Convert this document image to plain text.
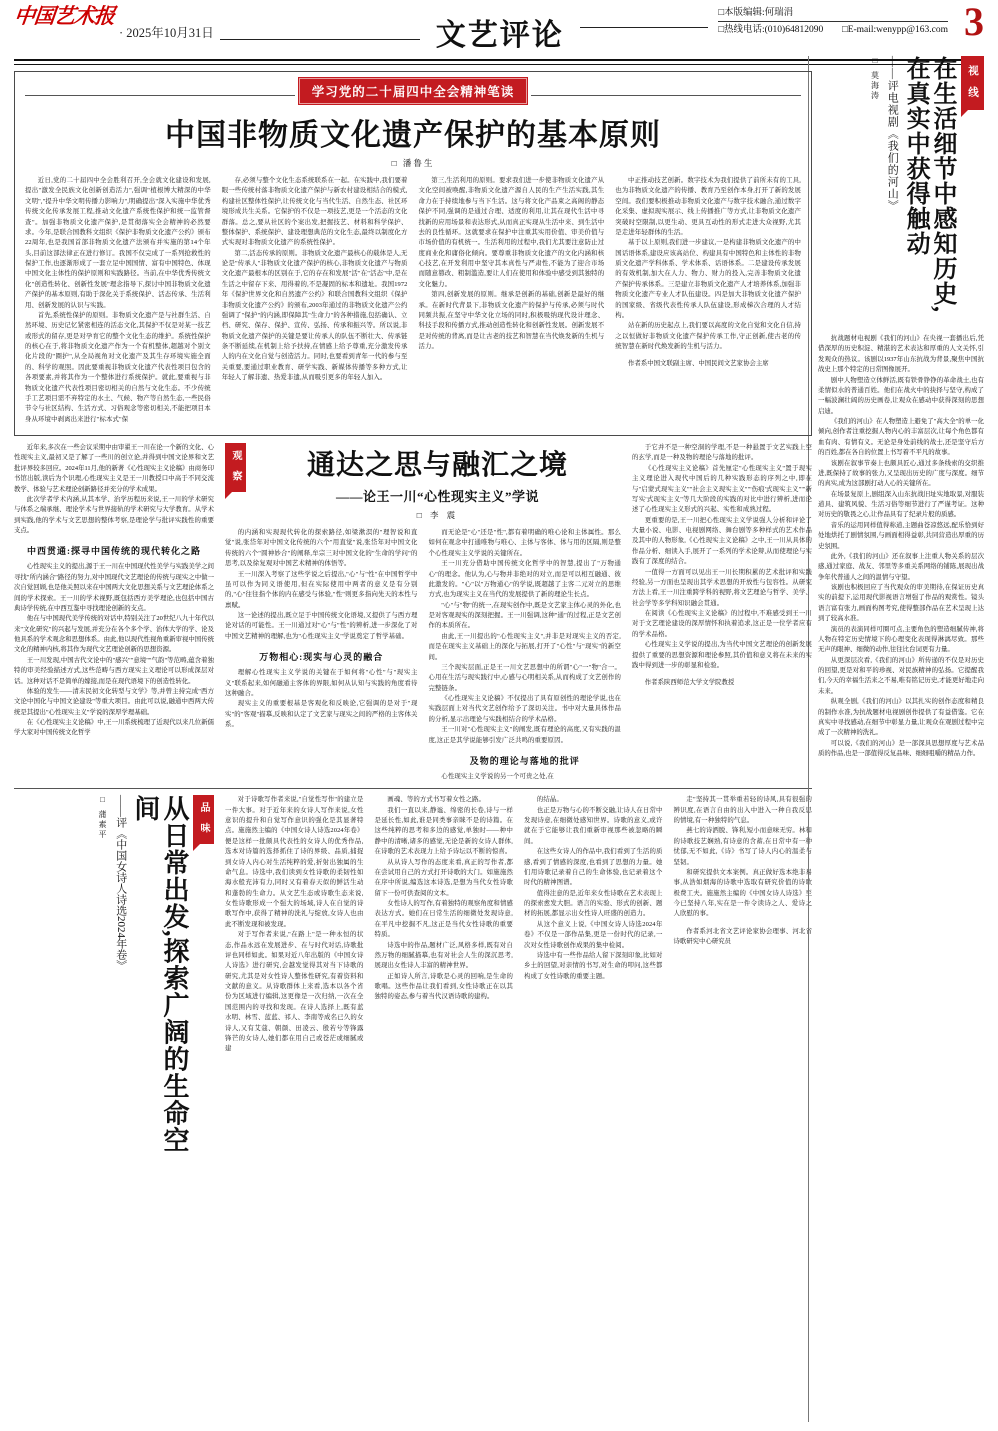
中国艺术报
· 2025年10月31日	文艺评论
□本版编辑:何瑞涓
□热线电话:(010)64812090 □E-mail:wenypp@163.com 3
视 线
在生活细节中感知历史,在真实中获得触动
——评电视剧《我们的河山》
□ 莫海涛

抗战题材电视剧《我们的河山》在央视一套播出后,凭借深厚的历史积淀、精湛的艺术表达和厚重的人文关怀,引发观众的热议。该剧以1937年山东抗战为背景,聚焦中国抗战史上那个特定的日常图像展开。

剧中人物塑造立体鲜活,既有铁骨铮铮的革命战士,也有柔情似水的普通百姓。他们在战火中的抉择与坚守,构成了一幅波澜壮阔的历史画卷,让观众在感动中获得深刻的思想启迪。

《我们的河山》在人物塑造上避免了"高大全"的单一化倾向,创作者注重挖掘人物内心的丰富层次,让每个角色都有血有肉、有情有义。无论是身处前线的战士,还是坚守后方的百姓,都在各自的位置上书写着不平凡的故事。

该剧在叙事节奏上也颇具匠心,通过多条线索的交织推进,既保持了故事的张力,又呈现出历史的广度与深度。细节的真实,成为这部剧打动人心的关键所在。

在场景复原上,剧组深入山东抗战旧址实地取景,对服装道具、建筑风貌、生活习俗等细节进行了严谨考证。这种对历史的敬畏之心,让作品具有了纪录片般的质感。

音乐的运用同样值得称道,主题曲苍凉悠远,配乐恰到好处地烘托了剧情氛围,与画面相得益彰,共同营造出厚重的历史氛围。

此外,《我们的河山》还在叙事上注重人物关系的层次感,通过家庭、战友、邻里等多重关系网络的铺陈,展现出战争年代普通人之间的温情与守望。

该剧也积极回应了当代观众的审美期待,在保证历史真实的前提下,运用现代影视语言增强了作品的观赏性。镜头语言富有张力,画面构图考究,使得整部作品在艺术呈现上达到了较高水准。

演员的表演同样可圈可点,主要角色的塑造细腻传神,将人物在特定历史情境下的心理变化表现得淋漓尽致。那些无声的眼神、细微的动作,往往比台词更有力量。

从更深层次看,《我们的河山》所传递的不仅是对历史的回望,更是对和平的珍视、对民族精神的弘扬。它提醒我们,今天的幸福生活来之不易,唯有铭记历史,才能更好地走向未来。

纵观全剧,《我们的河山》以其扎实的创作态度和精良的制作水准,为抗战题材电视剧创作提供了有益借鉴。它在真实中寻找感动,在细节中彰显力量,让观众在观剧过程中完成了一次精神的洗礼。

可以说,《我们的河山》是一部深具思想厚度与艺术品质的作品,也是一部值得反复品味、细细咀嚼的精品力作。

学习党的二十届四中全会精神笔读
中国非物质文化遗产保护的基本原则
□ 潘鲁生

近日,党的二十届四中全会胜利召开,全会就文化建设和发展,提出"激发全民族文化创新创造活力",强调"植根博大精深的中华文明","提升中华文明传播力影响力",明确提出"深入实施中华优秀传统文化传承发展工程,推动文化遗产系统性保护和统一监管督查"。加强非物质文化遗产保护,是贯彻落实全会精神的必然要求。今年,是联合国教科文组织《保护非物质文化遗产公约》颁布22周年,也是我国首部非物质文化遗产法颁布并实施的第14个年头,目前这部法律正在进行修订。我国不仅完成了一系列抢救性的保护工作,也逐渐形成了一套立足中国国情、富有中国特色、体现中国文化主体性的保护原则和实践路径。当前,在中华优秀传统文化"创造性转化、创新性发展"理念指导下,探讨中国非物质文化遗产保护的基本原则,有助于深化关于系统保护、活态传承、生活利用、创新发展的认识与实践。

首先,系统性保护的原则。非物质文化遗产是与社群生活、自然环境、历史记忆紧密相连的活态文化,其保护不仅是对某一技艺或形式的留存,更是对孕育它的整个文化生态的维护。系统性保护的核心在于,将非物质文化遗产作为一个有机整体,超越对个别文化片段的"圈护",从全局视角对文化遗产及其生存环境实施全面的、科学的观照。因此要重视非物质文化遗产代表性项目包含的各项要素,并将其作为一个整体进行系统保护。就此,要重视与非物质文化遗产代表性项目密切相关的自然与文化生态。不少传统手工艺项目需不弃特定的水土、气候、物产等自然生态,一些民俗节令与社区结构、生活方式、习俗观念等密切相关,不能把项目本身从环境中剥离出来进行"标本式"保

存,必须与整个文化生态系统联系在一起。在实践中,我们要着眼一些传统村落非物质文化遗产保护与新农村建设相结合的模式,构建社区整体性保护,让传统文化与当代生活、自然生态、社区环境形成共生关系。它保护的不仅是一项技艺,更是一个活态的文化群落。总之,要从社区的个案出发,把握技艺、材料和科学保护、整体保护、系统保护、建设理想典范的文化生态,最终以制度化方式实现对非物质文化遗产的系统性保护。

第二,活态传承的原则。非物质文化遗产最核心的载体是人,无论是"传承人"非物质文化遗产保护的核心,非物质文化遗产与物质文化遗产最根本的区别在于,它的存在和发展"活"在"活态"中,是在生活之中留存下来、用得着的,不是凝固的标本和遗址。我国1972年《保护世界文化和自然遗产公约》和联合国教科文组织《保护非物质文化遗产公约》的颁布,2003年通过的非物质文化遗产公约强调了"保护"的内涵,即保障其"生命力"的各种措施,包括确认、立档、研究、保存、保护、宣传、弘扬、传承和振兴等。所以说,非物质文化遗产保护的关键是要让传承人的队伍不断壮大、传承链条不断延续,在机制上给予扶持,在情感上给予尊重,充分激发传承人的内在文化自觉与创造活力。同时,也要看到青年一代的参与至关重要,要通过职业教育、研学实践、新媒体传播等多种方式,让年轻人了解非遗、热爱非遗,从而吸引更多的年轻人加入。

第三,生活利用的原则。要求我们进一步使非物质文化遗产从文化空间被唤醒,非物质文化遗产源自人民的生产生活实践,其生命力在于持续地参与当下生活。这与将文化产品束之高阁的静态保护不同,强调的是通过合理、适度的利用,让其在现代生活中寻找新的应用场景和表达形式,从而真正实现从生活中来、到生活中去的良性循环。这就要求在保护中注重其实用价值、审美价值与市场价值的有机统一。生活利用的过程中,我们尤其要注意防止过度商业化和庸俗化倾向。要尊重非物质文化遗产的文化内涵和核心技艺,在开发利用中坚守其本真性与严肃性,不能为了迎合市场而随意篡改、粗制滥造,要让人们在使用和体验中感受到其独特的文化魅力。

第四,创新发展的原则。继承是创新的基础,创新是最好的继承。在新时代背景下,非物质文化遗产的保护与传承,必须与时代同频共振,在坚守中华文化立场的同时,积极吸纳现代设计理念、科技手段和传播方式,推动创造性转化和创新性发展。创新发展不是对传统的背离,而是让古老的技艺和智慧在当代焕发新的生机与活力。

中正推动技艺创新。数字技术为我们提供了前所未有的工具,也为非物质文化遗产的传播、教育乃至创作本身,打开了新的发展空间。我们要积极推动非物质文化遗产与数字技术融合,通过数字化采集、虚拟现实展示、线上传播推广等方式,让非物质文化遗产突破时空限制,以更生动、更具互动性的形式走进大众视野,尤其是走进年轻群体的生活。

基于以上原则,我们进一步建议,一是构建非物质文化遗产的中国话语体系,建设应该高站位、构建具有中国特色和主体性的非物质文化遗产学科体系、学术体系、话语体系。二是建设传承发展的有效机制,加大在人力、物力、财力的投入,完善非物质文化遗产保护传承体系。三是建立非物质文化遗产人才培养体系,加强非物质文化遗产专业人才队伍建设。四是加大非物质文化遗产保护的国家级、省级代表性传承人队伍建设,形成梯次合理的人才结构。

站在新的历史起点上,我们要以高度的文化自觉和文化自信,持之以恒做好非物质文化遗产保护传承工作,守正创新,使古老的传统智慧在新时代焕发新的生机与活力。

作者系中国文联副主席、中国民间文艺家协会主席

近年来,多次在一些会议采期中由审翟王一川在论一个新的文化、心性现实主义,最初又是了解了一些川的创立论,并得到中国文论界和文艺批评界较多回应。2024年11月,他的新著《心性现实主义论稿》由商务印书馆出版,读后为个识理,心性现实主义是王一川教授口中高于不同交流教学、体验与艺术理论创新路径并充分的学术成果。

此次学者学术内涵,从其本学、治学历程历来说,王一川的学术研究与体系之端承继、理论学术与世界接轨的学术研究与大学教育。从学术到实践,他的学术与文艺思想的整体考察,是理论学与批评实践性的重要支点。

中西贯通:探寻中国传统的现代转化之路

心性现实主义的提出,源于王一川在中国现代性美学与实践美学之间寻找"所内涵合"路径的努力,对中国现代文艺理论的传统与现实之中做一次自觉回顾,也是他关照以来在中国两大文化思想关系与文艺理论体系之间的学术探索。王一川的学术视野,既包括西方美学理论,也包括中国古典诗学传统,在中西互鉴中寻找理论创新的支点。

他在与中国现代美学传统的对话中,特别关注了20世纪八九十年代以来"文化研究"的兴起与发展,并充分在各个多个学、治体大学的学、论及他具系的学术观念和思想体系。由此,他以现代性视角重新审视中国传统文化的精神内核,将其作为现代文艺理论创新的思想资源。

王一川发现,中国古代文论中的"感兴""意境""气韵"等范畴,蕴含着独特的审美经验描述方式,这些范畴与西方现实主义理论可以形成深层对话。这种对话不是简单的嫁接,而是在现代语境下的创造性转化。

体验的发生——清末民初文化转型与文学》等,并曾主持完成"西方文论中国化与中国文论建设"等重大项目。由此可以说,融通中西两大传统是其提出"心性现实主义"学说的深厚学理基础。

在《心性现实主义论稿》中,王一川系统梳理了近现代以来几位新儒学大家对中国传统文化哲学

观 察	通达之思与融汇之境
——论王一川“心性现实主义”学说
□ 李 震

的内涵和实现现代转化的探索路径,如梁漱溟的"理智说和直觉"说,张岱年对中国文化传统的六个"用直觉"说,张岱年对中国文化传统的六个"圆神妙合"的阐释,牟宗三对中国文化的"生命的学问"的思考,以及徐复观对中国艺术精神的体悟等。

王一川深入考察了这些学说之后提出,"心"与"性"在中国哲学中虽可以作为同义语使用,但在实际使用中两者的意义是有分别的,"心"往往指个体的内在感受与体验,"性"则更多指向先天的本性与禀赋。

这一论述的提出,既立足于中国传统文化语境,又提供了与西方理论对话的可能性。王一川通过对"心"与"性"的辨析,进一步深化了对中国文艺精神的理解,也为"心性现实主义"学说奠定了哲学基础。

万物相心:现实与心灵的融合

理解心性现实主义学说的关键在于如何将"心性"与"现实主义"联系起来,如何融通主客体的界限,如何从认知与实践的角度看待这种融合。

现实主义的重要根基是客观化和反映论,它强调的是对于"现实"的"客观"描摹,反映和认定了文艺家与现实之间的严格的主客体关系。

而无论是"心"还是"性",都有着明确的唯心论和主体属性。那么如何在观念中打通唯物与唯心、主体与客体、体与用的区隔,则是整个心性现实主义学说的关键所在。

王一川充分借助中国传统文化哲学中的智慧,提出了"万物通心"的理念。他认为,心与物并非绝对的对立,而是可以相互融通、彼此激发的。"心"以"万物通心"的学说,既超越了主客二元对立的思维方式,也为现实主义在当代的发展提供了新的理论生长点。

"心"与"物"的统一,在现实创作中,既是文艺家主体心灵的外化,也是对客观现实的深刻把握。王一川强调,这种"通"的过程,正是文艺创作的本质所在。

由此,王一川提出的"心性现实主义",并非是对现实主义的否定,而是在现实主义基础上的深化与拓展,打开了"心性"与"现实"的新空间。

三个现实层面,正是王一川文艺思想中的所谓"心"一"物"合一。心用在生活与现实践行中,心感与心明相关系,从而构成了文艺创作的完整链条。

《心性现实主义论稿》不仅提出了具有原创性的理论学说,也在实践层面上对当代文艺创作给予了深切关注。书中对大量具体作品的分析,显示出理论与实践相结合的学术品格。

王一川对"心性现实主义"的阐发,既有理论的高度,又有实践的温度,这正是其学说能够引发广泛共鸣的重要原因。

及物的理论与落地的批评

心性现实主义学说的另一个可贵之处,在

于它并不是一种空洞的学理,不是一种悬置于文艺实践上空的玄学,而是一种及物的理论与落地的批评。

《心性现实主义论稿》首先厘定"心性现实主义"置于现实主义理论进入现代中国后的几种实践形态的序列之中,即在与"启蒙式现实主义""社会主义现实主义""'伤痕'式现实主义""'新写实'式现实主义"等几大阶段的实践的对比中进行辨析,进而论述了心性现实主义形式的兴起、实性和成熟过程。

更重要的是,王一川把心性现实主义学说强人分析和评论了大量小说、电影、电视剧网络、舞台剧等多种样式的艺术作品及其中的人物形象,《心性现实主义论稿》之中,王一川从具体的作品分析、细读入手,展开了一系列的学术论辩,从而使理论与实践有了深度的结合。

一值得一方面可以见出王一川长期积累的艺术批评和实践经验,另一方面也呈现出其学术思想的开放性与包容性。从研究方法上看,王一川注重跨学科的视野,将文艺理论与哲学、美学、社会学等多学科知识融会贯通。

在阅读《心性现实主义论稿》的过程中,不难感受到王一川对于文艺理论建设的深厚情怀和执着追求,这正是一位学者应有的学术品格。

心性现实主义学说的提出,为当代中国文艺理论的创新发展提供了重要的思想资源和理论参照,其价值和意义将在未来的实践中得到进一步的彰显和检验。

作者系陕西师范大学文学院教授
品 味
从日常出发,探索广阔的生命空间
——评《中国女诗人诗选2024年卷》
□ 蒲素平	对于诗歌写作者来说,"自觉性写作"的建立是一件大事。对于近年来的女诗人写作来说,女性意识的提升和自觉写作意识的强化是其显著特点。施施然主编的《中国女诗人诗选2024年卷》便是这样一批颇具代表性的女诗人的优秀作品,选本对诗篇的选择抓住了诗的界级、品质,捕捉到女诗人内心对生活纯粹的爱,折射出独属的生命气息。诗选中,我们读到女性诗歌的柔韧性如海水般充沛有力,同时又有着春天似的鲜活生动和蓬勃的生命力。从文艺生态或诗歌生态来说,女性诗歌形成一个强大的场域,诗人在自觉的诗歌写作中,获得了精神的洗礼与绽放,女诗人也由此不断发现和被发现。

对于写作者来说,"在路上"是一种永恒的状态,作品永远在发展进步、在与时代对话,诗歌批评也同样如此。如果对近八年出版的《中国女诗人诗选》进行研究,会越发觉得其对当下诗歌的研究,尤其是对女性诗人整体性研究,有着资料和文献的意义。从诗歌群体上来看,选本以各个省份为区域进行编辑,这更像是一次归纳,一次在全国范围内的寻找和发现。在诗人选择上,既有蓝水明、林雪、蓝蓝、祁人、李南等成名已久的女诗人,又有艾蔻、朝颜、田凌云、殷若兮等锋露锋芒的女诗人,她们都在用自己或苍茫或细腻或建

画魂、等的方式书写着女性之路。

我们一直以来,静谧、绵密的长卷,诗与一样是延长性,如此,谁是同类事亲睐不是的诗篇。在这些纯粹的思考和多边的感觉,单独时——种中静中的清晰,诸多的感觉,无论是新的女诗人群体,在诗歌的艺术表现力上给予诗坛以不断的惊喜。

从从诗人写作的态度来看,真正的写作者,都在尝试用自己的方式打开诗歌的大门。如施施然在序中所说,编选这本诗选,是想为当代女性诗歌留下一份可供查阅的文本。

女性诗人的写作,有着独特的观察角度和情感表达方式。她们在日常生活的细微处发现诗意,在平凡中挖掘不凡,这正是当代女性诗歌的重要特质。

诗选中的作品,题材广泛,风格多样,既有对自然万物的细腻描摹,也有对社会人生的深沉思考,展现出女性诗人丰富的精神世界。

正如诗人所言,诗歌是心灵的回响,是生命的歌唱。这些作品让我们看到,女性诗歌正在以其独特的姿态,参与着当代汉语诗歌的建构。

的结晶。

也正是万物与心的不断交融,让诗人在日常中发现诗意,在细微处感知世界。诗歌的意义,或许就在于它能够让我们重新审视那些被忽略的瞬间。

在这些女诗人的作品中,我们看到了生活的质感,看到了情感的深度,也看到了思想的力量。她们用诗歌记录着自己的生命体验,也记录着这个时代的精神图谱。

值得注意的是,近年来女性诗歌在艺术表现上的探索愈发大胆。语言的实验、形式的创新、题材的拓展,都显示出女性诗人旺盛的创造力。

从这个意义上说,《中国女诗人诗选2024年卷》不仅是一部作品集,更是一份时代的记录,一次对女性诗歌创作成果的集中检阅。

诗选中有一些作品给人留下深刻印象,比如对乡土的回望,对亲情的书写,对生命的叩问,这些都构成了女性诗歌的重要主题。

走"坚持其一贯举重若轻的诗风,具有很强的辨识度,在语言自由的出入中进入一种自我反思的情境,有一种独特的气息。

燕七的诗洒脱、锋利,短小而意味无穷。林和的诗歌技艺娴熟,有诗意的含蓄,在日常中有一种忧郁,无不如此,《诗》书写了诗人内心的温柔与坚韧。

和研究提供文本案例。真正做好选本绝非易事,从浩如烟海的诗歌中选取有研究价值的诗歌极费工夫。施施然主编的《中国女诗人诗选》至今已坚持八年,实在是一件令读诗之人、爱诗之人欣慰的事。

作者系河北省文艺评论家协会理事、河北省诗歌研究中心研究员
